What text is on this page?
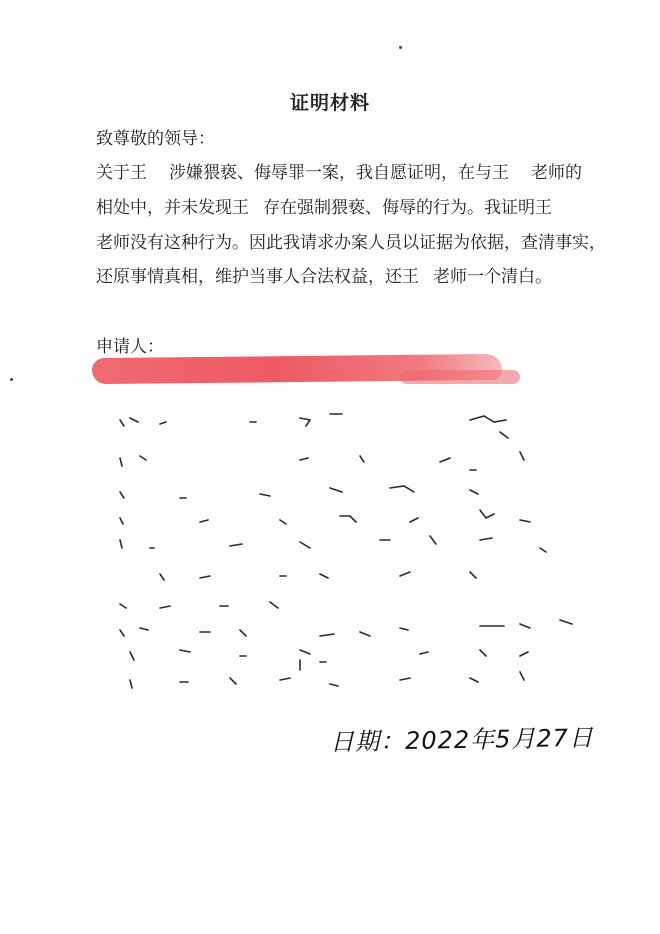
证明材料
致尊敬的领导：
关于王 涉嫌猥亵、侮辱罪一案，我自愿证明，在与王 老师的
相处中，并未发现王 存在强制猥亵、侮辱的行为。我证明王
老师没有这种行为。因此我请求办案人员以证据为依据，查清事实，
还原事情真相，维护当事人合法权益，还王 老师一个清白。
申请人：
日期：2022年5月27日
